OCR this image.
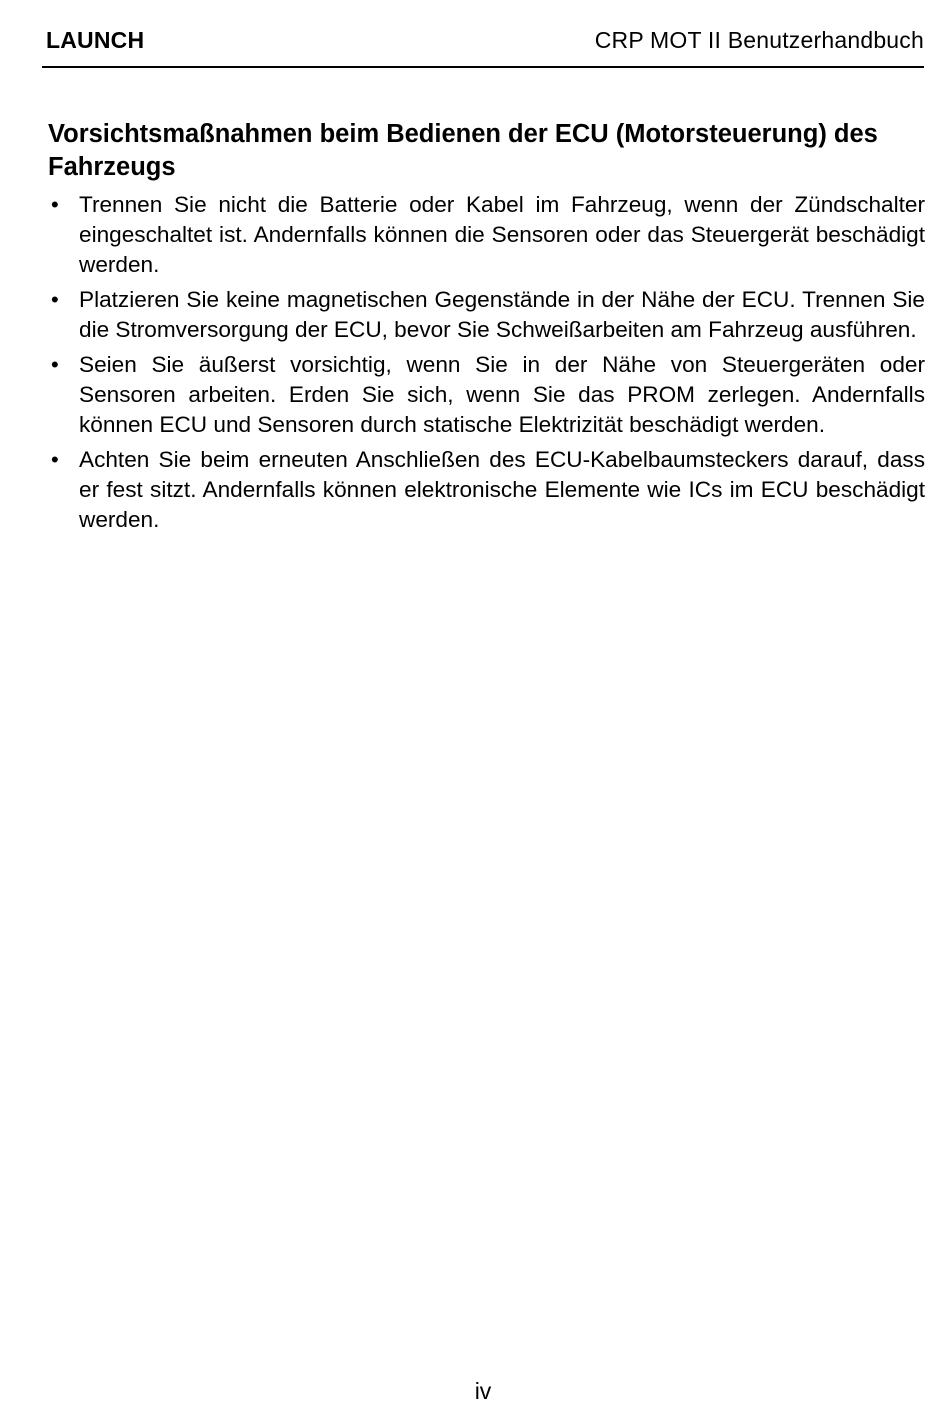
LAUNCH	CRP MOT II Benutzerhandbuch
Vorsichtsmaßnahmen beim Bedienen der ECU (Motorsteuerung) des Fahrzeugs
• Trennen Sie nicht die Batterie oder Kabel im Fahrzeug, wenn der Zündschalter eingeschaltet ist. Andernfalls können die Sensoren oder das Steuergerät beschädigt werden.
• Platzieren Sie keine magnetischen Gegenstände in der Nähe der ECU. Trennen Sie die Stromversorgung der ECU, bevor Sie Schweißarbeiten am Fahrzeug ausführen.
• Seien Sie äußerst vorsichtig, wenn Sie in der Nähe von Steuergeräten oder Sensoren arbeiten. Erden Sie sich, wenn Sie das PROM zerlegen. Andernfalls können ECU und Sensoren durch statische Elektrizität beschädigt werden.
• Achten Sie beim erneuten Anschließen des ECU-Kabelbaumsteckers darauf, dass er fest sitzt. Andernfalls können elektronische Elemente wie ICs im ECU beschädigt werden.
iv
